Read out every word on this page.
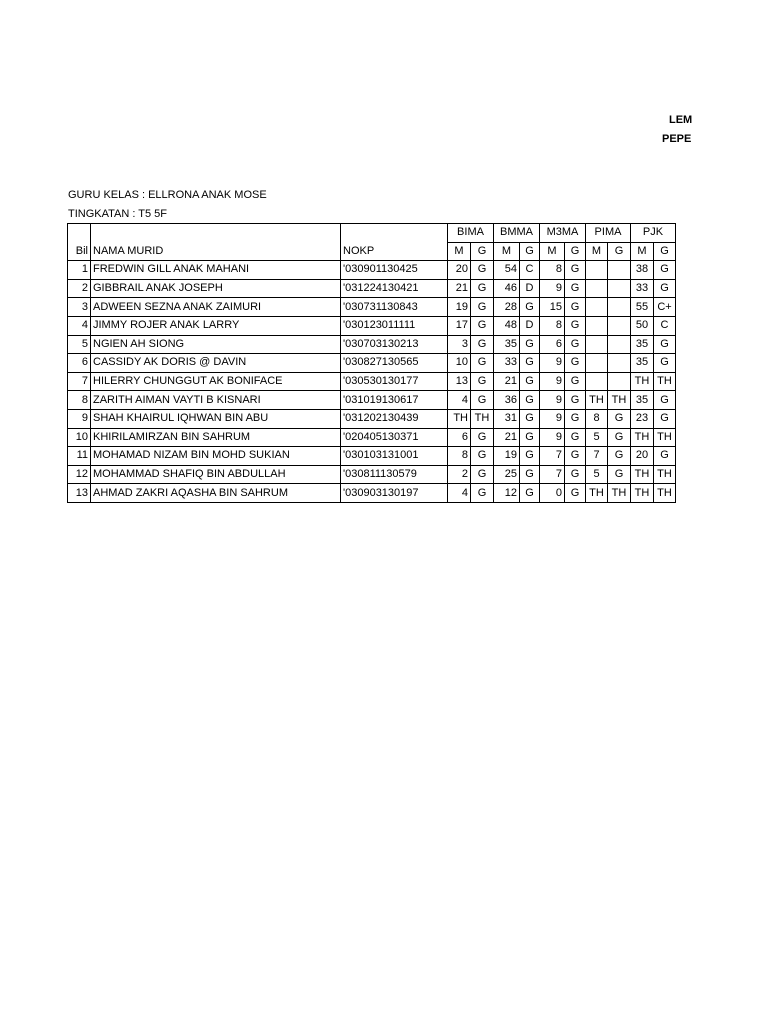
LEM
PEPE
GURU KELAS : ELLRONA ANAK MOSE
TINGKATAN : T5 5F
			BIMA		BMMA		M3MA		PIMA		PJK	
Bil	NAMA MURID	NOKP	M	G	M	G	M	G	M	G	M	G
1	FREDWIN GILL ANAK MAHANI	'030901130425	20	G	54	C	8	G			38	G
2	GIBBRAIL ANAK JOSEPH	'031224130421	21	G	46	D	9	G			33	G
3	ADWEEN SEZNA ANAK ZAIMURI	'030731130843	19	G	28	G	15	G			55	C+
4	JIMMY ROJER ANAK LARRY	'030123011111	17	G	48	D	8	G			50	C
5	NGIEN AH SIONG	'030703130213	3	G	35	G	6	G			35	G
6	CASSIDY AK DORIS @ DAVIN	'030827130565	10	G	33	G	9	G			35	G
7	HILERRY CHUNGGUT AK BONIFACE	'030530130177	13	G	21	G	9	G			TH	TH
8	ZARITH AIMAN VAYTI B KISNARI	'031019130617	4	G	36	G	9	G	TH	TH	35	G
9	SHAH KHAIRUL IQHWAN BIN ABU	'031202130439	TH	TH	31	G	9	G	8	G	23	G
10	KHIRILAMIRZAN BIN SAHRUM	'020405130371	6	G	21	G	9	G	5	G	TH	TH
11	MOHAMAD NIZAM BIN MOHD SUKIAN	'030103131001	8	G	19	G	7	G	7	G	20	G
12	MOHAMMAD SHAFIQ BIN ABDULLAH	'030811130579	2	G	25	G	7	G	5	G	TH	TH
13	AHMAD ZAKRI AQASHA BIN SAHRUM	'030903130197	4	G	12	G	0	G	TH	TH	TH	TH
